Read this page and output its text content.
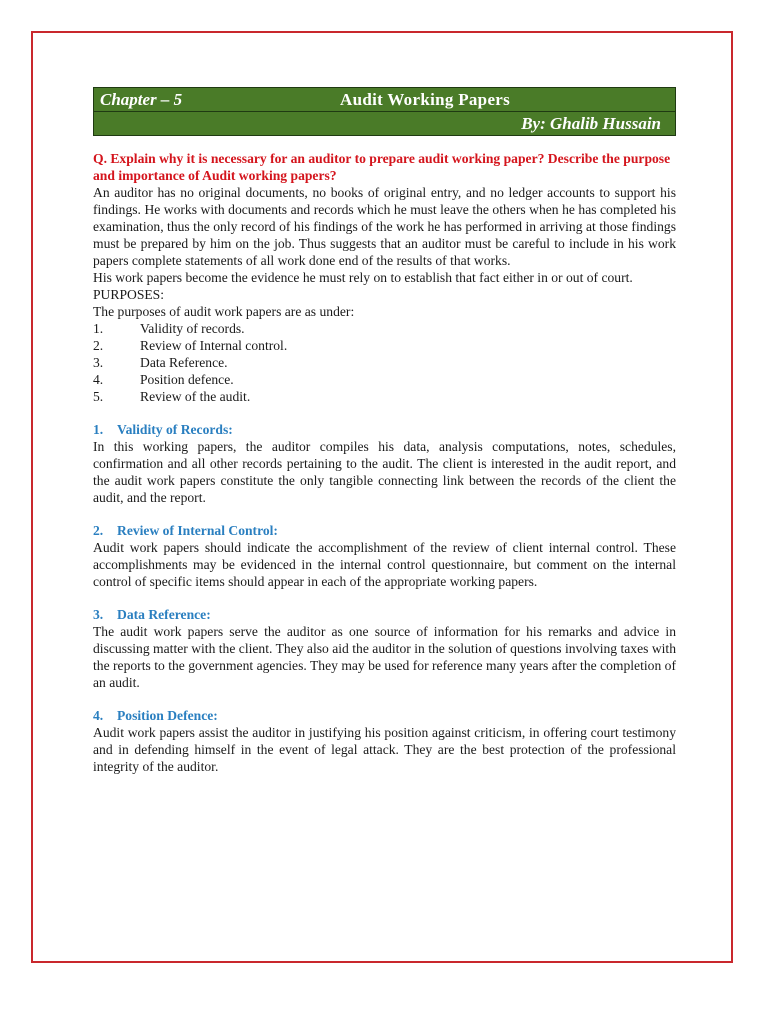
Chapter – 5	Audit Working Papers
By: Ghalib Hussain
Q. Explain why it is necessary for an auditor to prepare audit working paper? Describe the purpose and importance of Audit working papers?

An auditor has no original documents, no books of original entry, and no ledger accounts to support his findings. He works with documents and records which he must leave the others when he has completed his examination, thus the only record of his findings of the work he has performed in arriving at those findings must be prepared by him on the job. Thus suggests that an auditor must be careful to include in his work papers complete statements of all work done end of the results of that works.

His work papers become the evidence he must rely on to establish that fact either in or out of court.

PURPOSES:
The purposes of audit work papers are as under:
1.	Validity of records.
2.	Review of Internal control.
3.	Data Reference.
4.	Position defence.
5.	Review of the audit.
1.	Validity of Records:

In this working papers, the auditor compiles his data, analysis computations, notes, schedules, confirmation and all other records pertaining to the audit. The client is interested in the audit report, and the audit work papers constitute the only tangible connecting link between the records of the client the audit, and the report.

2.	Review of Internal Control:

Audit work papers should indicate the accomplishment of the review of client internal control. These accomplishments may be evidenced in the internal control questionnaire, but comment on the internal control of specific items should appear in each of the appropriate working papers.

3.	Data Reference:

The audit work papers serve the auditor as one source of information for his remarks and advice in discussing matter with the client. They also aid the auditor in the solution of questions involving taxes with the reports to the government agencies. They may be used for reference many years after the completion of an audit.

4.	Position Defence:

Audit work papers assist the auditor in justifying his position against criticism, in offering court testimony and in defending himself in the event of legal attack. They are the best protection of the professional integrity of the auditor.
